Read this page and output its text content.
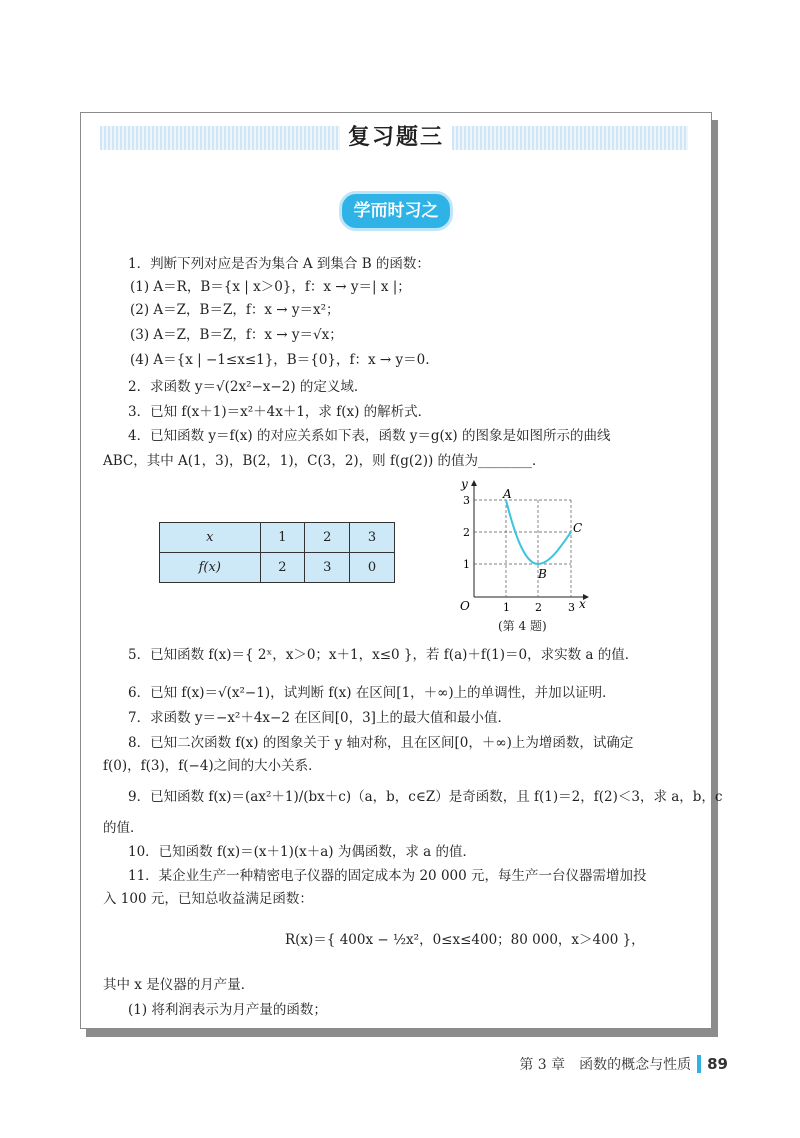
复习题三
学而时习之
1．判断下列对应是否为集合 A 到集合 B 的函数：
(1) A＝R，B＝{x | x＞0}，f：x → y＝| x |；
(2) A＝Z，B＝Z，f：x → y＝x²；
(3) A＝Z，B＝Z，f：x → y＝√x；
(4) A＝{x | −1≤x≤1}，B＝{0}，f：x → y＝0.
2．求函数 y＝√(2x²−x−2) 的定义域．
3．已知 f(x＋1)＝x²＋4x＋1，求 f(x) 的解析式．
4．已知函数 y＝f(x) 的对应关系如下表，函数 y＝g(x) 的图象是如图所示的曲线
ABC，其中 A(1，3)，B(2，1)，C(3，2)，则 f(g(2)) 的值为________．
x	1	2	3
f(x)	2	3	0
y
x
O	1 2 3
1
2
3	A
B
C
(第 4 题)
5．已知函数 f(x)＝{ 2ˣ，x＞0；x＋1，x≤0 }，若 f(a)＋f(1)＝0，求实数 a 的值．
6．已知 f(x)＝√(x²−1)，试判断 f(x) 在区间[1，＋∞)上的单调性，并加以证明．
7．求函数 y＝−x²＋4x−2 在区间[0，3]上的最大值和最小值．
8．已知二次函数 f(x) 的图象关于 y 轴对称，且在区间[0，＋∞)上为增函数，试确定
f(0)，f(3)，f(−4)之间的大小关系．
9．已知函数 f(x)＝(ax²＋1)/(bx＋c)（a，b，c∈Z）是奇函数，且 f(1)＝2，f(2)＜3，求 a，b，c
的值．
10．已知函数 f(x)＝(x＋1)(x＋a) 为偶函数，求 a 的值．
11．某企业生产一种精密电子仪器的固定成本为 20 000 元，每生产一台仪器需增加投
入 100 元，已知总收益满足函数：
R(x)＝{ 400x − ½x²，0≤x≤400；80 000，x＞400 }，
其中 x 是仪器的月产量．
(1) 将利润表示为月产量的函数；
第 3 章　函数的概念与性质 89
